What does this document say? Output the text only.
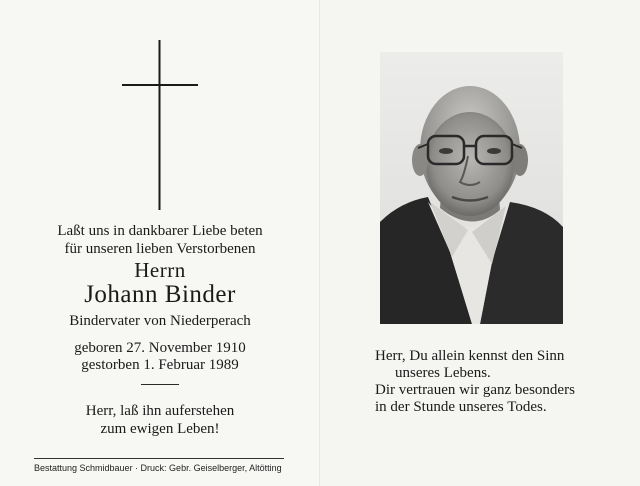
Laßt uns in dankbarer Liebe beten
für unseren lieben Verstorbenen
Herrn
Johann Binder
Bindervater von Niederperach
geboren 27. November 1910
gestorben 1. Februar 1989
Herr, laß ihn auferstehen
zum ewigen Leben!
Bestattung Schmidbauer · Druck: Gebr. Geiselberger, Altötting
Herr, Du allein kennst den Sinn
unseres Lebens.
Dir vertrauen wir ganz besonders
in der Stunde unseres Todes.
